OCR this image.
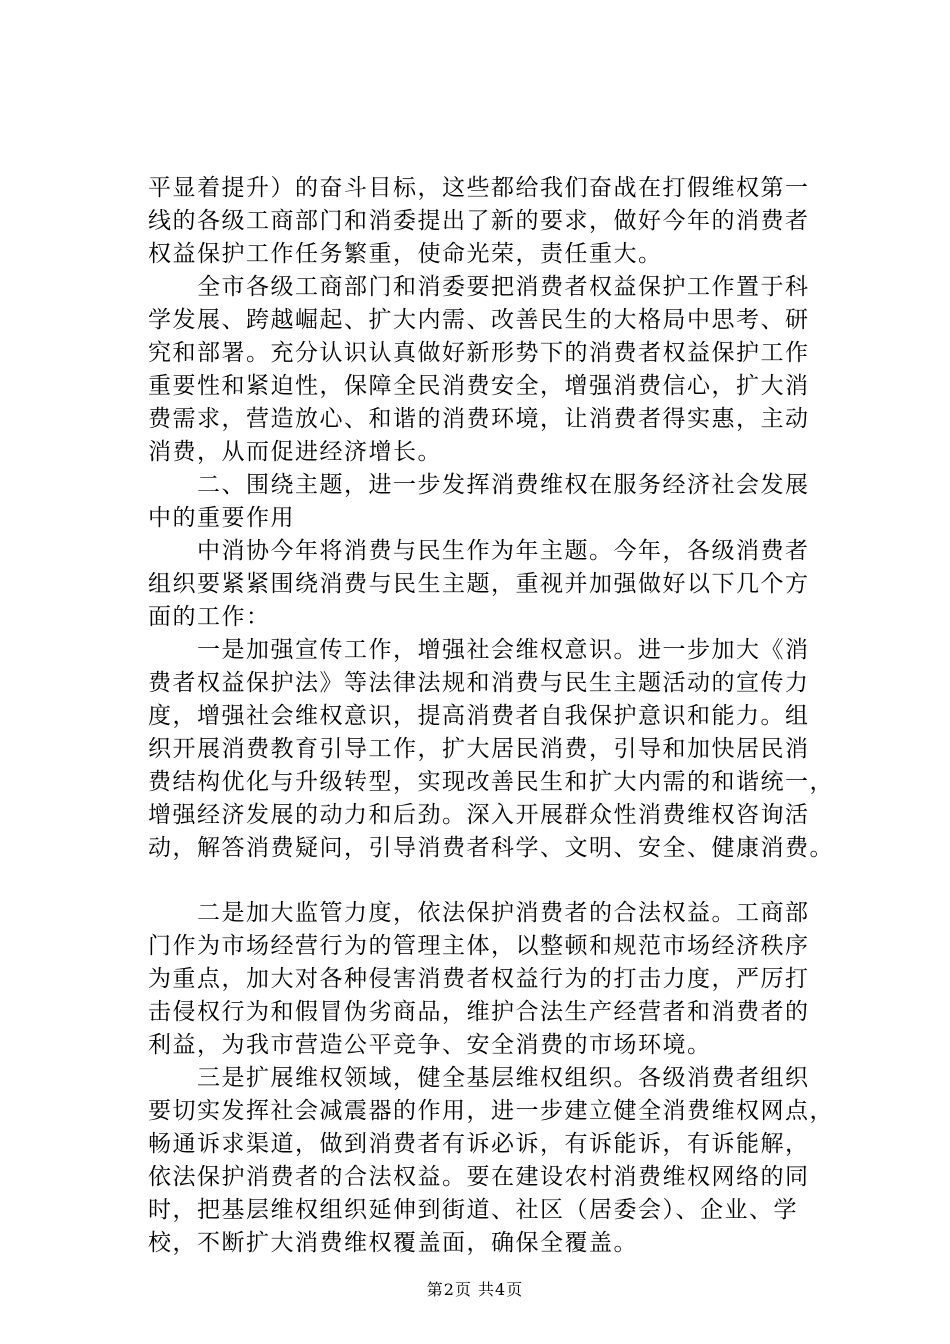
平显着提升）的奋斗目标，这些都给我们奋战在打假维权第一
线的各级工商部门和消委提出了新的要求，做好今年的消费者
权益保护工作任务繁重，使命光荣，责任重大。
　　全市各级工商部门和消委要把消费者权益保护工作置于科
学发展、跨越崛起、扩大内需、改善民生的大格局中思考、研
究和部署。充分认识认真做好新形势下的消费者权益保护工作
重要性和紧迫性，保障全民消费安全，增强消费信心，扩大消
费需求，营造放心、和谐的消费环境，让消费者得实惠，主动
消费，从而促进经济增长。
　　二、围绕主题，进一步发挥消费维权在服务经济社会发展
中的重要作用
　　中消协今年将消费与民生作为年主题。今年，各级消费者
组织要紧紧围绕消费与民生主题，重视并加强做好以下几个方
面的工作：
　　一是加强宣传工作，增强社会维权意识。进一步加大《消
费者权益保护法》等法律法规和消费与民生主题活动的宣传力
度，增强社会维权意识，提高消费者自我保护意识和能力。组
织开展消费教育引导工作，扩大居民消费，引导和加快居民消
费结构优化与升级转型，实现改善民生和扩大内需的和谐统一，
增强经济发展的动力和后劲。深入开展群众性消费维权咨询活
动，解答消费疑问，引导消费者科学、文明、安全、健康消费。
　　二是加大监管力度，依法保护消费者的合法权益。工商部
门作为市场经营行为的管理主体，以整顿和规范市场经济秩序
为重点，加大对各种侵害消费者权益行为的打击力度，严厉打
击侵权行为和假冒伪劣商品，维护合法生产经营者和消费者的
利益，为我市营造公平竞争、安全消费的市场环境。
　　三是扩展维权领域，健全基层维权组织。各级消费者组织
要切实发挥社会减震器的作用，进一步建立健全消费维权网点，
畅通诉求渠道，做到消费者有诉必诉，有诉能诉，有诉能解，
依法保护消费者的合法权益。要在建设农村消费维权网络的同
时，把基层维权组织延伸到街道、社区（居委会）、企业、学
校，不断扩大消费维权覆盖面，确保全覆盖。
第2页 共4页
